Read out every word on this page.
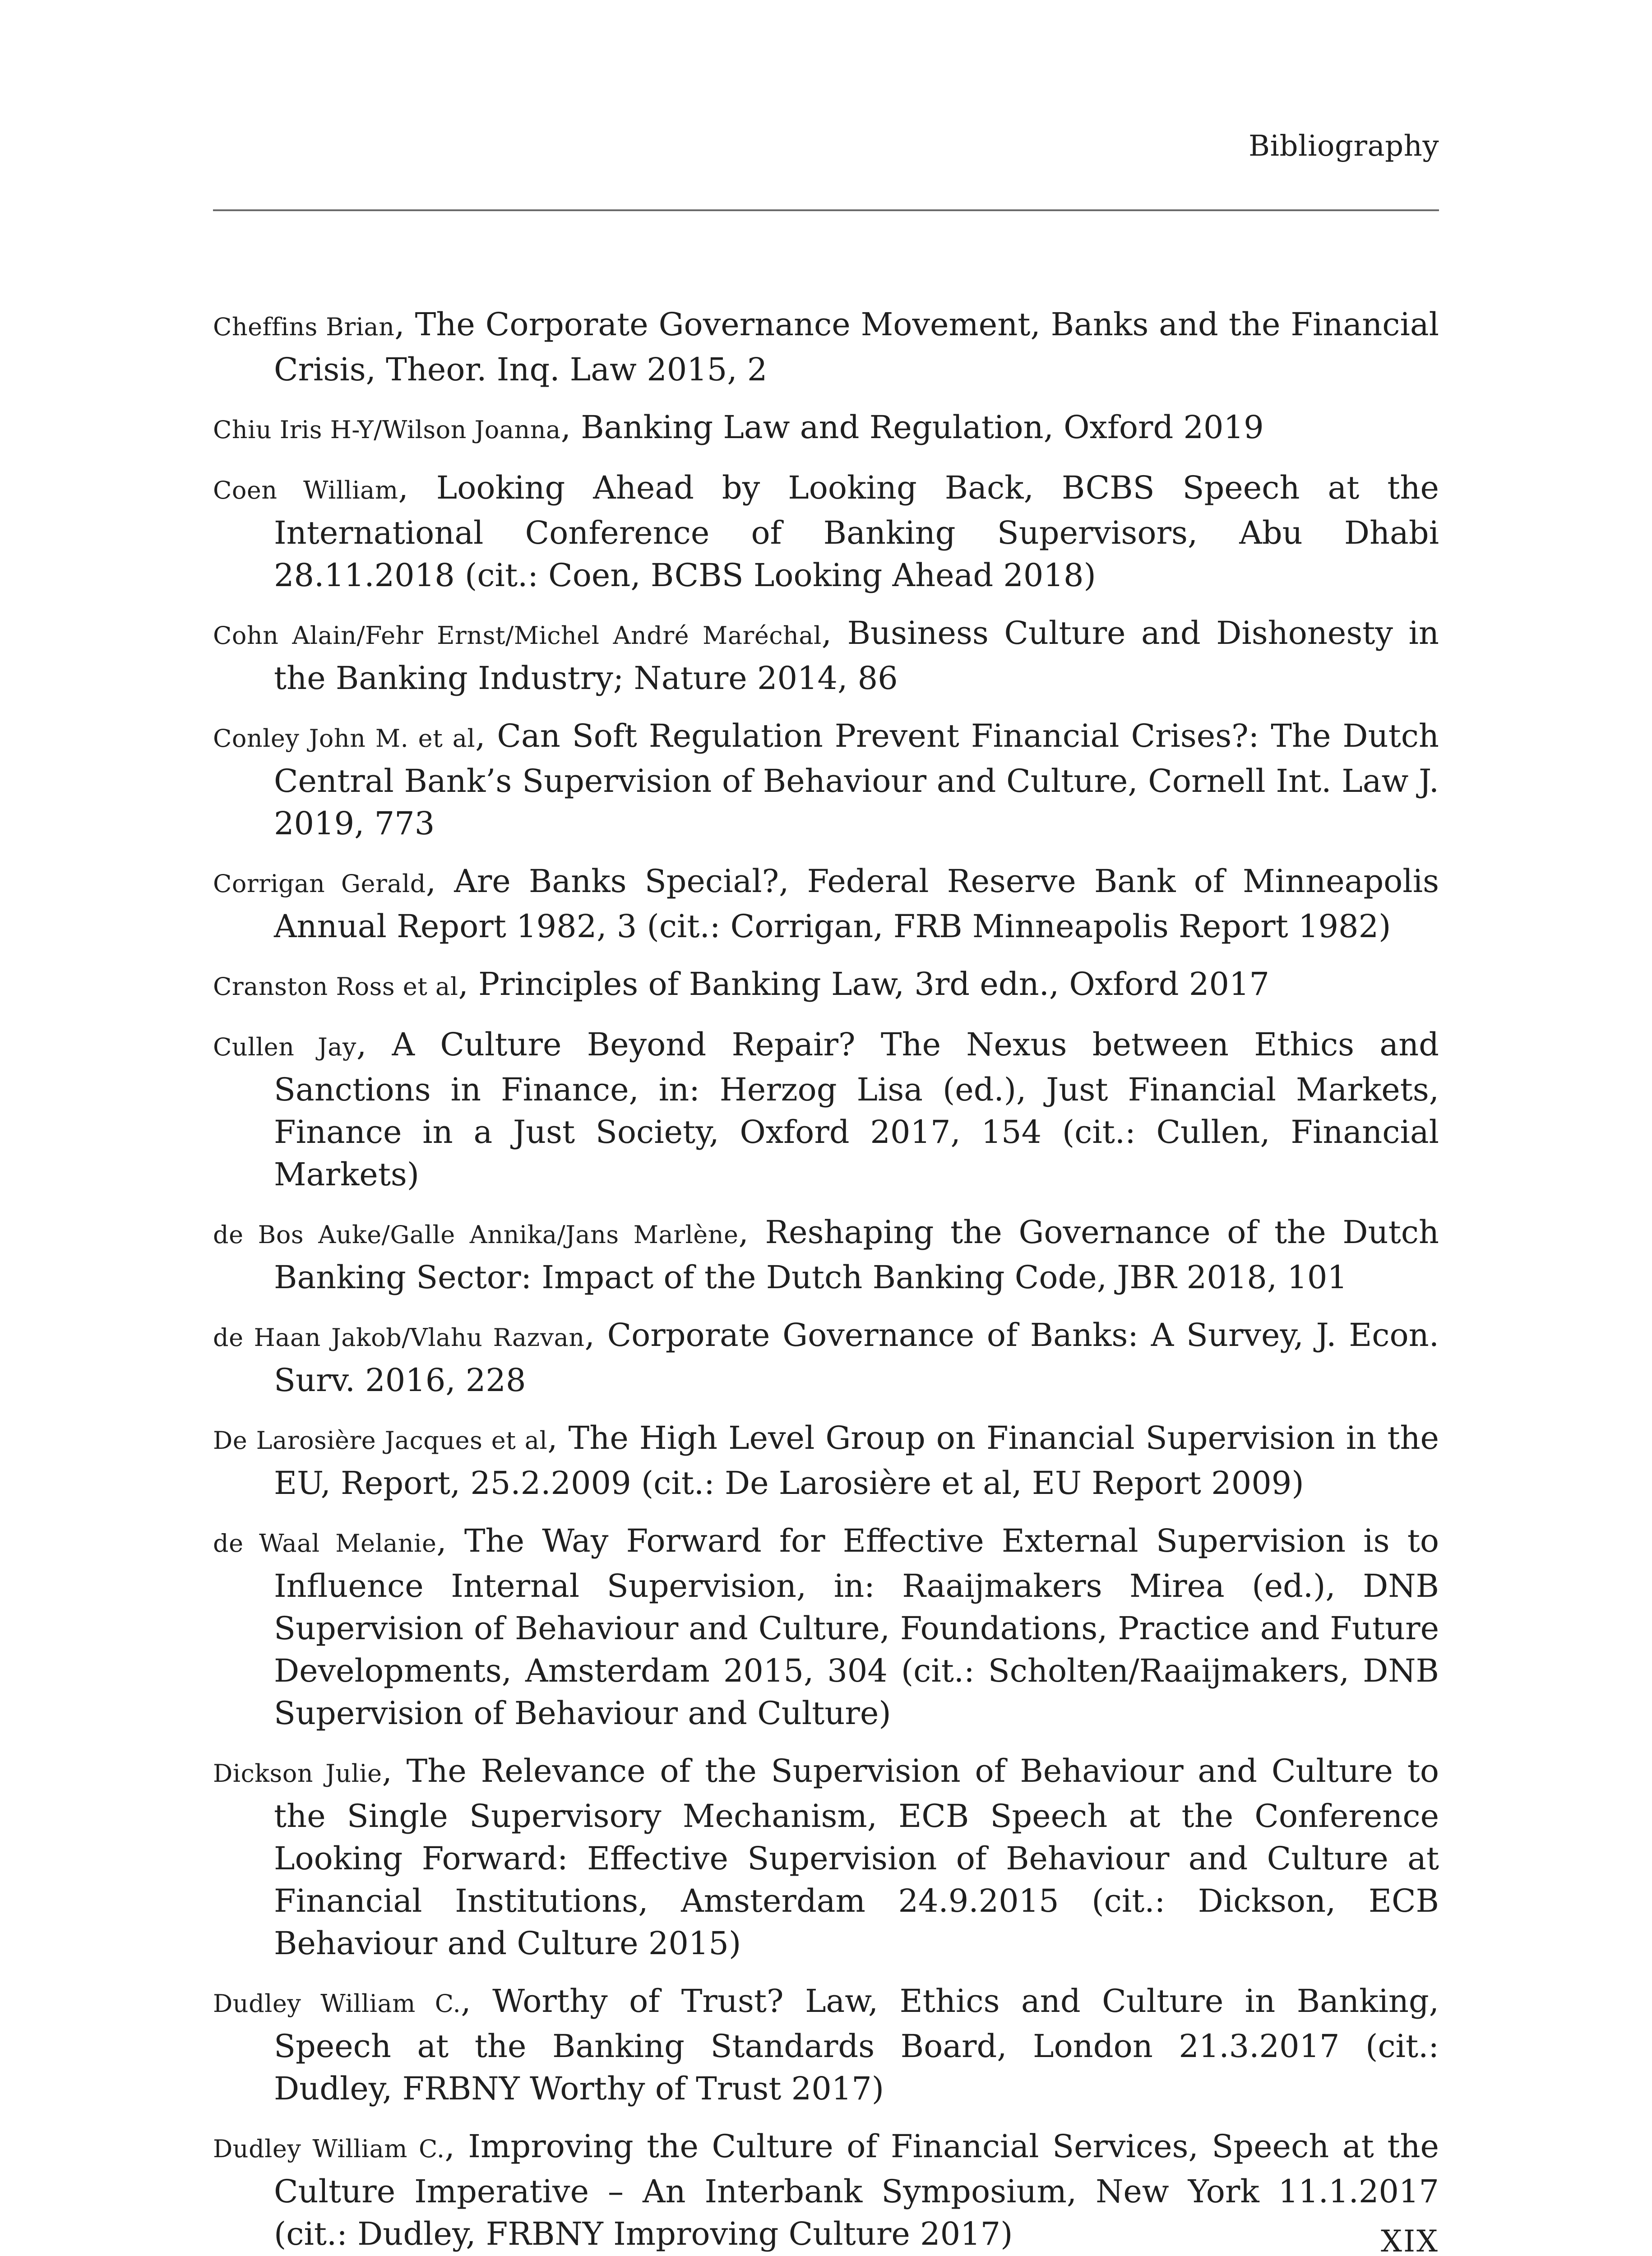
Bibliography

Cheffins Brian, The Corporate Governance Movement, Banks and the Financial Crisis, Theor. Inq. Law 2015, 2

Chiu Iris H-Y/Wilson Joanna, Banking Law and Regulation, Oxford 2019

Coen William, Looking Ahead by Looking Back, BCBS Speech at the International Conference of Banking Supervisors, Abu Dhabi 28.11.2018 (cit.: Coen, BCBS Looking Ahead 2018)

Cohn Alain/Fehr Ernst/Michel André Maréchal, Business Culture and Dishonesty in the Banking Industry; Nature 2014, 86

Conley John M. et al, Can Soft Regulation Prevent Financial Crises?: The Dutch Central Bank’s Supervision of Behaviour and Culture, Cornell Int. Law J. 2019, 773

Corrigan Gerald, Are Banks Special?, Federal Reserve Bank of Minneapolis Annual Report 1982, 3 (cit.: Corrigan, FRB Minneapolis Report 1982)

Cranston Ross et al, Principles of Banking Law, 3rd edn., Oxford 2017

Cullen Jay, A Culture Beyond Repair? The Nexus between Ethics and Sanctions in Finance, in: Herzog Lisa (ed.), Just Financial Markets, Finance in a Just Society, Oxford 2017, 154 (cit.: Cullen, Financial Markets)

de Bos Auke/Galle Annika/Jans Marlène, Reshaping the Governance of the Dutch Banking Sector: Impact of the Dutch Banking Code, JBR 2018, 101

de Haan Jakob/Vlahu Razvan, Corporate Governance of Banks: A Survey, J. Econ. Surv. 2016, 228

De Larosière Jacques et al, The High Level Group on Financial Supervision in the EU, Report, 25.2.2009 (cit.: De Larosière et al, EU Report 2009)

de Waal Melanie, The Way Forward for Effective External Supervision is to Influence Internal Supervision, in: Raaijmakers Mirea (ed.), DNB Supervision of Behaviour and Culture, Foundations, Practice and Future Developments, Amsterdam 2015, 304 (cit.: Scholten/Raaijmakers, DNB Supervision of Behaviour and Culture)

Dickson Julie, The Relevance of the Supervision of Behaviour and Culture to the Single Supervisory Mechanism, ECB Speech at the Conference Looking Forward: Effective Supervision of Behaviour and Culture at Financial Institutions, Amsterdam 24.9.2015 (cit.: Dickson, ECB Behaviour and Culture 2015)

Dudley William C., Worthy of Trust? Law, Ethics and Culture in Banking, Speech at the Banking Standards Board, London 21.3.2017 (cit.: Dudley, FRBNY Worthy of Trust 2017)

Dudley William C., Improving the Culture of Financial Services, Speech at the Culture Imperative – An Interbank Symposium, New York 11.1.2017 (cit.: Dudley, FRBNY Improving Culture 2017)	XIX
